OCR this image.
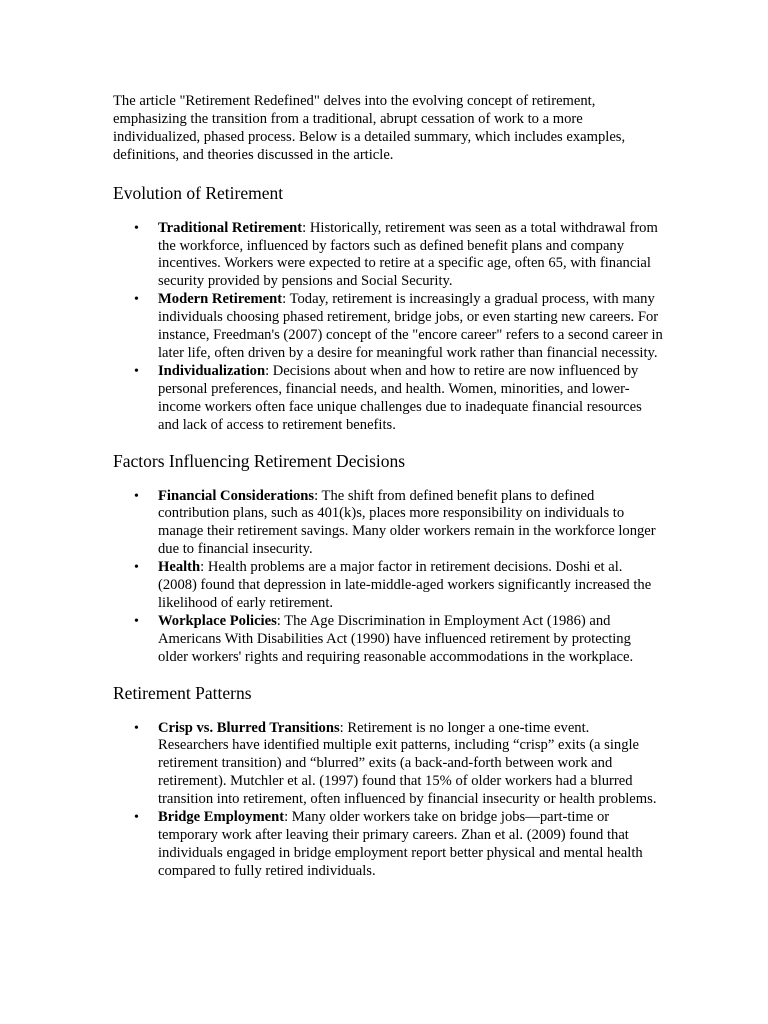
The article "Retirement Redefined" delves into the evolving concept of retirement, emphasizing the transition from a traditional, abrupt cessation of work to a more individualized, phased process. Below is a detailed summary, which includes examples, definitions, and theories discussed in the article.

Evolution of Retirement
• Traditional Retirement: Historically, retirement was seen as a total withdrawal from the workforce, influenced by factors such as defined benefit plans and company incentives. Workers were expected to retire at a specific age, often 65, with financial security provided by pensions and Social Security.
• Modern Retirement: Today, retirement is increasingly a gradual process, with many individuals choosing phased retirement, bridge jobs, or even starting new careers. For instance, Freedman's (2007) concept of the "encore career" refers to a second career in later life, often driven by a desire for meaningful work rather than financial necessity.
• Individualization: Decisions about when and how to retire are now influenced by personal preferences, financial needs, and health. Women, minorities, and lower-income workers often face unique challenges due to inadequate financial resources and lack of access to retirement benefits.
Factors Influencing Retirement Decisions
• Financial Considerations: The shift from defined benefit plans to defined contribution plans, such as 401(k)s, places more responsibility on individuals to manage their retirement savings. Many older workers remain in the workforce longer due to financial insecurity.
• Health: Health problems are a major factor in retirement decisions. Doshi et al. (2008) found that depression in late-middle-aged workers significantly increased the likelihood of early retirement.
• Workplace Policies: The Age Discrimination in Employment Act (1986) and Americans With Disabilities Act (1990) have influenced retirement by protecting older workers' rights and requiring reasonable accommodations in the workplace.
Retirement Patterns
• Crisp vs. Blurred Transitions: Retirement is no longer a one-time event. Researchers have identified multiple exit patterns, including “crisp” exits (a single retirement transition) and “blurred” exits (a back-and-forth between work and retirement). Mutchler et al. (1997) found that 15% of older workers had a blurred transition into retirement, often influenced by financial insecurity or health problems.
• Bridge Employment: Many older workers take on bridge jobs—part-time or temporary work after leaving their primary careers. Zhan et al. (2009) found that individuals engaged in bridge employment report better physical and mental health compared to fully retired individuals.
